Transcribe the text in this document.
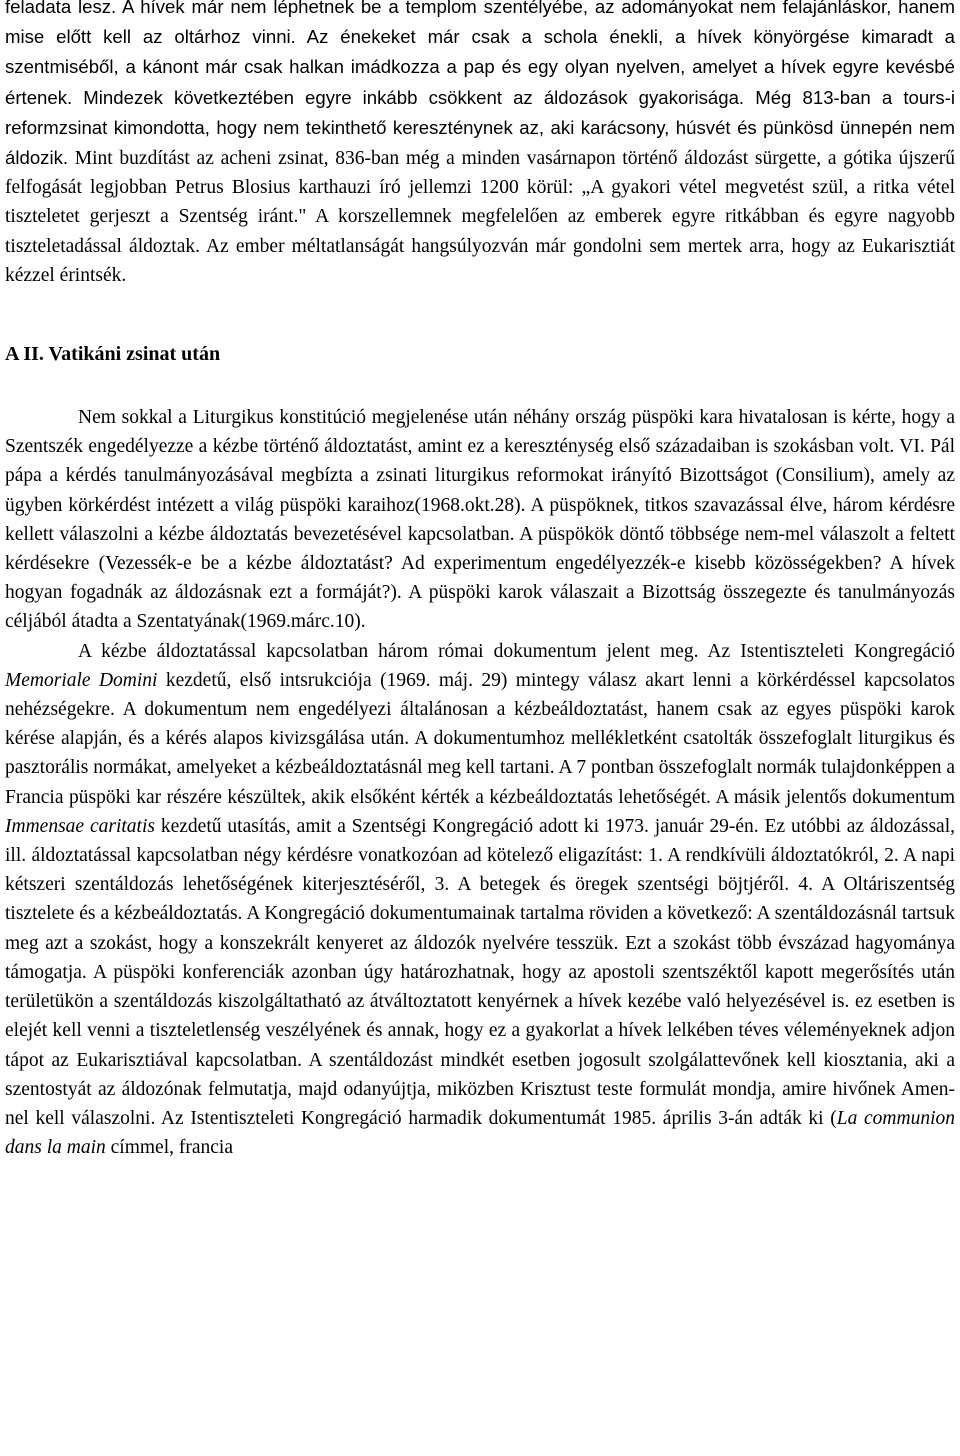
feladata lesz. A hívek már nem léphetnek be a templom szentélyébe, az adományokat nem felajánláskor, hanem mise előtt kell az oltárhoz vinni. Az énekeket már csak a schola énekli, a hívek könyörgése kimaradt a szentmiséből, a kánont már csak halkan imádkozza a pap és egy olyan nyelven, amelyet a hívek egyre kevésbé értenek. Mindezek következtében egyre inkább csökkent az áldozások gyakorisága. Még 813-ban a tours-i reformzsinat kimondotta, hogy nem tekinthető kereszténynek az, aki karácsony, húsvét és pünkösd ünnepén nem áldozik. Mint buzdítást az acheni zsinat, 836-ban még a minden vasárnapon történő áldozást sürgette, a gótika újszerű felfogását legjobban Petrus Blosius karthauzi író jellemzi 1200 körül: „A gyakori vétel megvetést szül, a ritka vétel tiszteletet gerjeszt a Szentség iránt." A korszellemnek megfelelően az emberek egyre ritkábban és egyre nagyobb tiszteletadással áldoztak. Az ember méltatlanságát hangsúlyozván már gondolni sem mertek arra, hogy az Eukarisztiát kézzel érintsék.

A II. Vatikáni zsinat után

Nem sokkal a Liturgikus konstitúció megjelenése után néhány ország püspöki kara hivatalosan is kérte, hogy a Szentszék engedélyezze a kézbe történő áldoztatást, amint ez a kereszténység első századaiban is szokásban volt. VI. Pál pápa a kérdés tanulmányozásával megbízta a zsinati liturgikus reformokat irányító Bizottságot (Consilium), amely az ügyben körkérdést intézett a világ püspöki karaihoz(1968.okt.28). A püspöknek, titkos szavazással élve, három kérdésre kellett válaszolni a kézbe áldoztatás bevezetésével kapcsolatban. A püspökök döntő többsége nem-mel válaszolt a feltett kérdésekre (Vezessék-e be a kézbe áldoztatást? Ad experimentum engedélyezzék-e kisebb közösségekben? A hívek hogyan fogadnák az áldozásnak ezt a formáját?). A püspöki karok válaszait a Bizottság összegezte és tanulmányozás céljából átadta a Szentatyának(1969.márc.10).

A kézbe áldoztatással kapcsolatban három római dokumentum jelent meg. Az Istentiszteleti Kongregáció Memoriale Domini kezdetű, első intsrukciója (1969. máj. 29) mintegy válasz akart lenni a körkérdéssel kapcsolatos nehézségekre. A dokumentum nem engedélyezi általánosan a kézbeáldoztatást, hanem csak az egyes püspöki karok kérése alapján, és a kérés alapos kivizsgálása után. A dokumentumhoz mellékletként csatolták összefoglalt liturgikus és pasztorális normákat, amelyeket a kézbeáldoztatásnál meg kell tartani. A 7 pontban összefoglalt normák tulajdonképpen a Francia püspöki kar részére készültek, akik elsőként kérték a kézbeáldoztatás lehetőségét. A másik jelentős dokumentum Immensae caritatis kezdetű utasítás, amit a Szentségi Kongregáció adott ki 1973. január 29-én. Ez utóbbi az áldozással, ill. áldoztatással kapcsolatban négy kérdésre vonatkozóan ad kötelező eligazítást: 1. A rendkívüli áldoztatókról, 2. A napi kétszeri szentáldozás lehetőségének kiterjesztéséről, 3. A betegek és öregek szentségi böjtjéről. 4. A Oltáriszentség tisztelete és a kézbeáldoztatás. A Kongregáció dokumentumainak tartalma röviden a következő: A szentáldozásnál tartsuk meg azt a szokást, hogy a konszekrált kenyeret az áldozók nyelvére tesszük. Ezt a szokást több évszázad hagyománya támogatja. A püspöki konferenciák azonban úgy határozhatnak, hogy az apostoli szentszéktől kapott megerősítés után területükön a szentáldozás kiszolgáltatható az átváltoztatott kenyérnek a hívek kezébe való helyezésével is. ez esetben is elejét kell venni a tiszteletlenség veszélyének és annak, hogy ez a gyakorlat a hívek lelkében téves véleményeknek adjon tápot az Eukarisztiával kapcsolatban. A szentáldozást mindkét esetben jogosult szolgálattevőnek kell kiosztania, aki a szentostyát az áldozónak felmutatja, majd odanyújtja, miközben Krisztust teste formulát mondja, amire hivőnek Amen-nel kell válaszolni. Az Istentiszteleti Kongregáció harmadik dokumentumát 1985. április 3-án adták ki (La communion dans la main címmel, francia
